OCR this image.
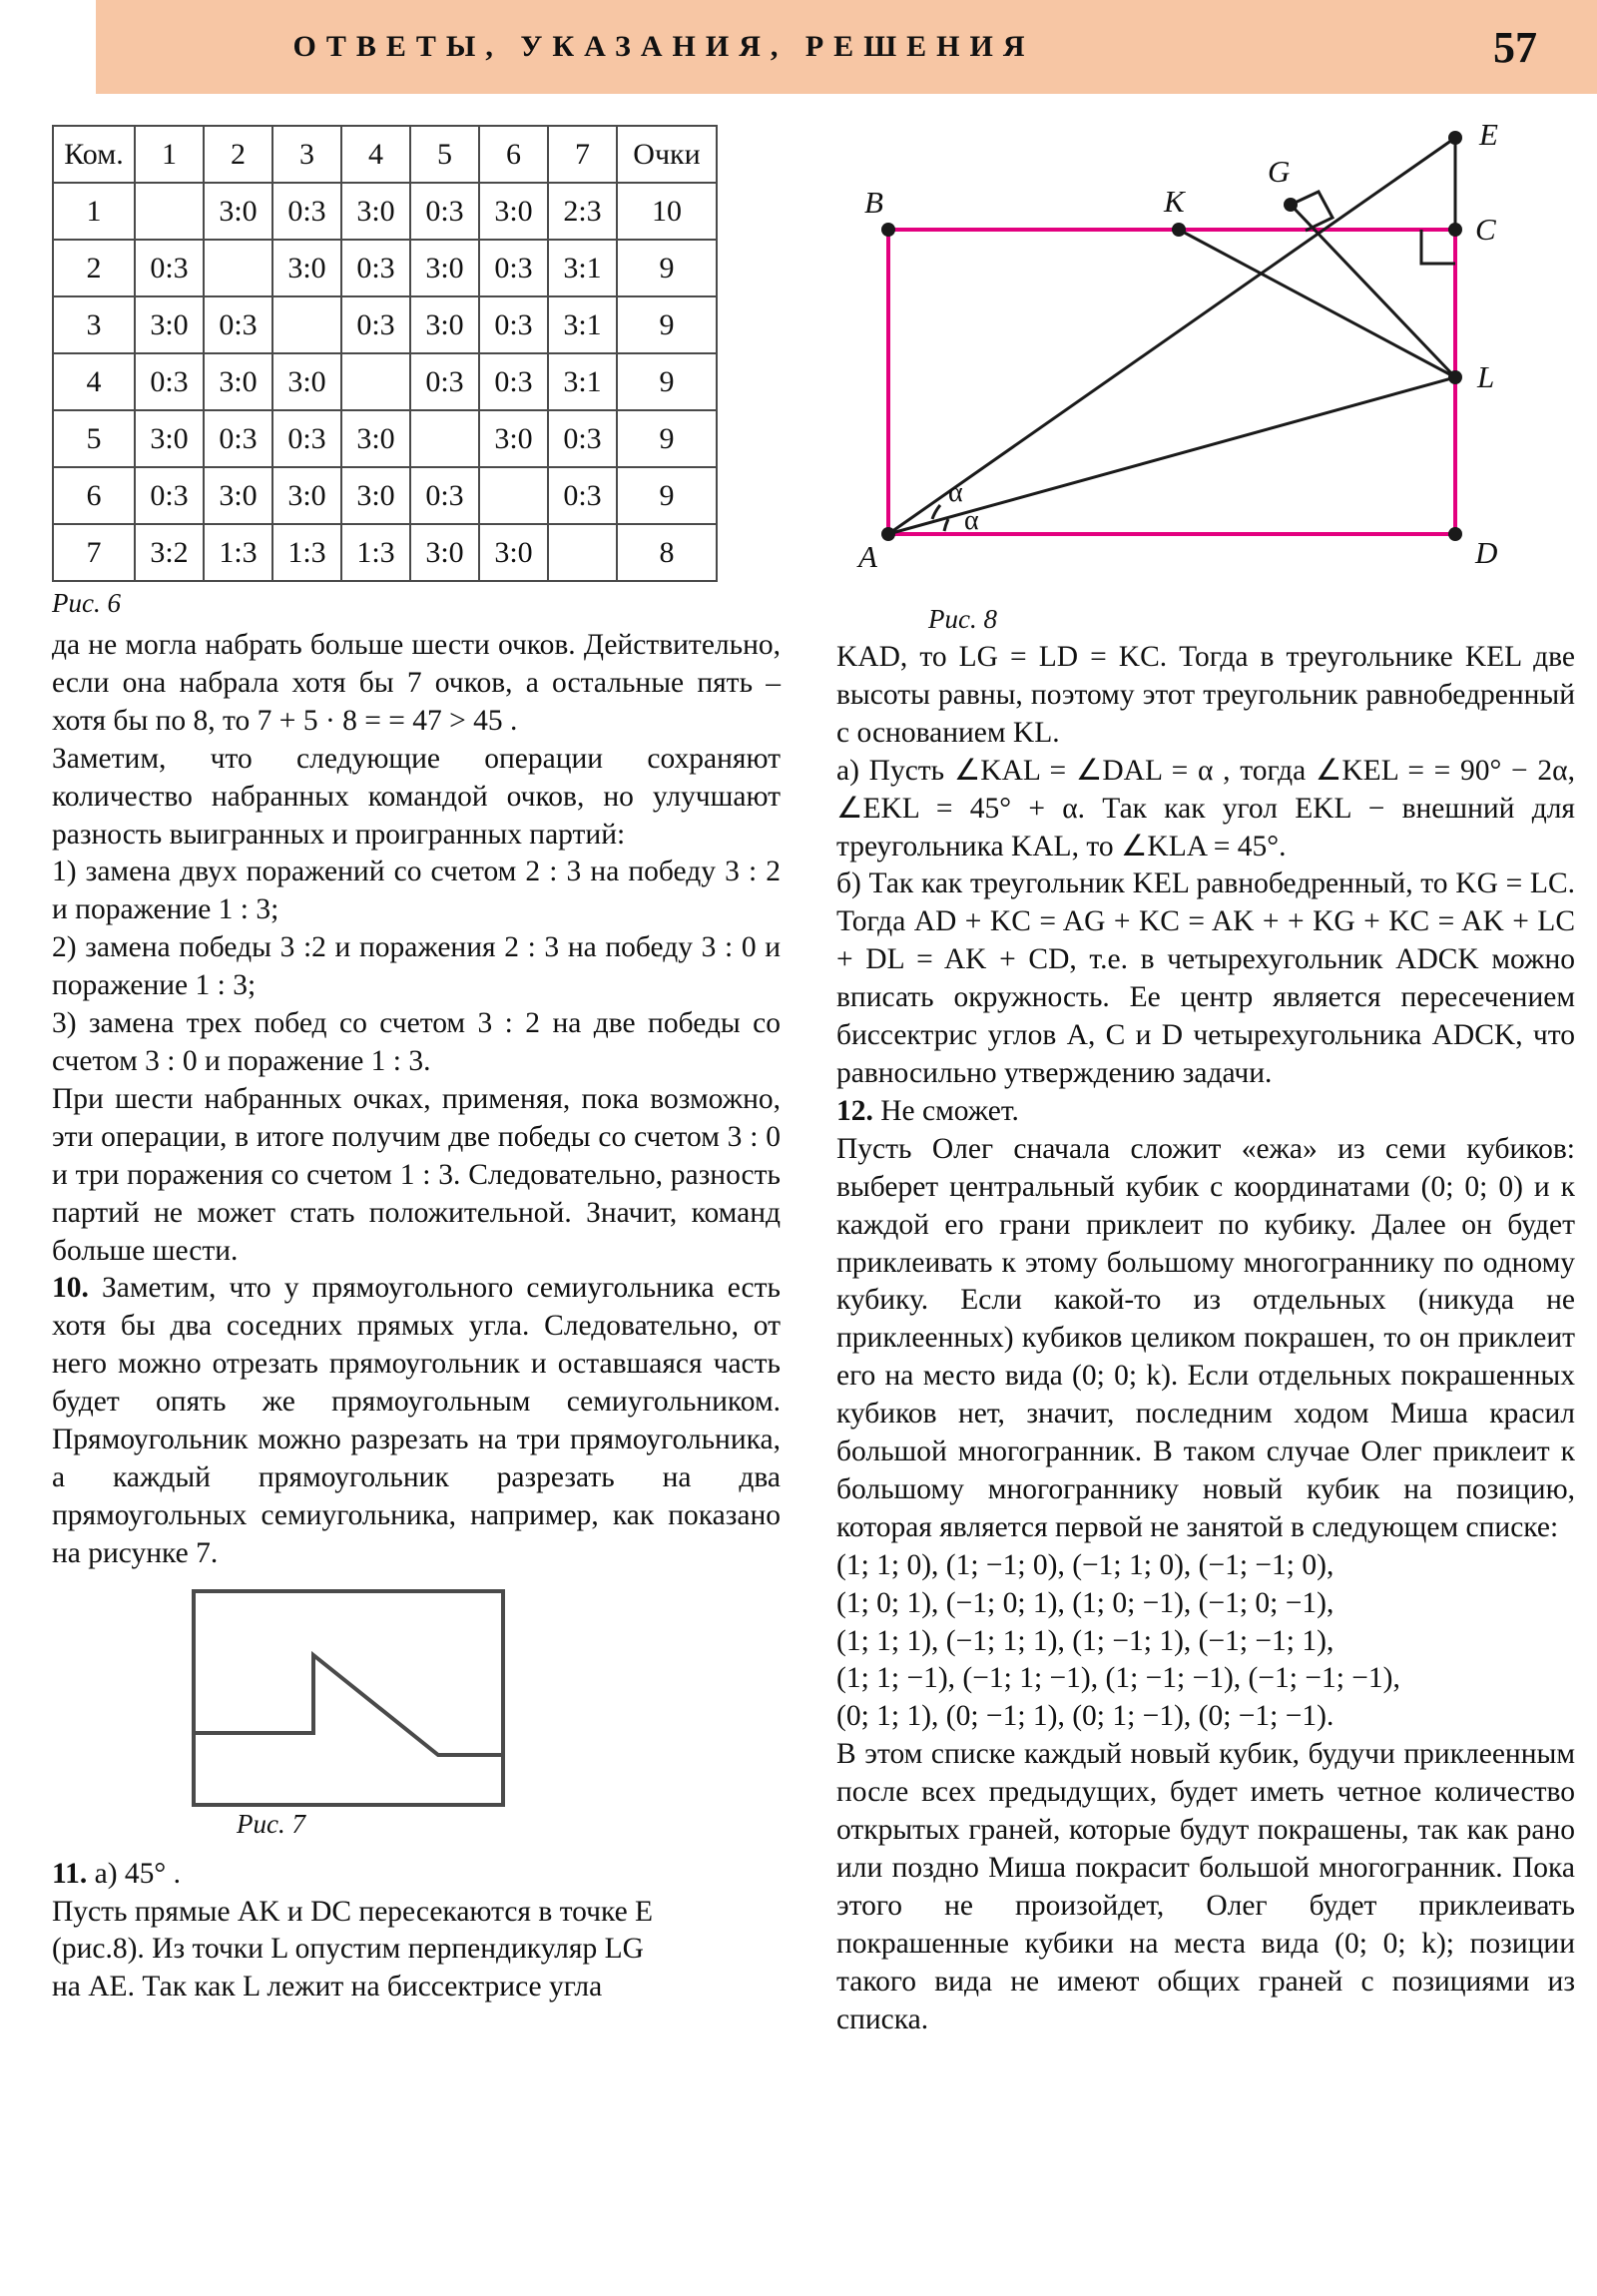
ОТВЕТЫ, УКАЗАНИЯ, РЕШЕНИЯ	57
Ком.	1	2	3	4	5	6	7	Очки
1		3:0	0:3	3:0	0:3	3:0	2:3	10
2	0:3		3:0	0:3	3:0	0:3	3:1	9
3	3:0	0:3		0:3	3:0	0:3	3:1	9
4	0:3	3:0	3:0		0:3	0:3	3:1	9
5	3:0	0:3	0:3	3:0		3:0	0:3	9
6	0:3	3:0	3:0	3:0	0:3		0:3	9
7	3:2	1:3	1:3	1:3	3:0	3:0		8
Рис. 6

да не могла набрать больше шести очков. Действительно, если она набрала хотя бы 7 очков, а остальные пять – хотя бы по 8, то 7 + 5 · 8 = = 47 > 45 .

Заметим, что следующие операции сохраняют количество набранных командой очков, но улучшают разность выигранных и проигранных партий:

1) замена двух поражений со счетом 2 : 3 на победу 3 : 2 и поражение 1 : 3;

2) замена победы 3 :2 и поражения 2 : 3 на победу 3 : 0 и поражение 1 : 3;

3) замена трех побед со счетом 3 : 2 на две победы со счетом 3 : 0 и поражение 1 : 3.

При шести набранных очках, применяя, пока возможно, эти операции, в итоге получим две победы со счетом 3 : 0 и три поражения со счетом 1 : 3. Следовательно, разность партий не может стать положительной. Значит, команд больше шести.

10. Заметим, что у прямоугольного семиугольника есть хотя бы два соседних прямых угла. Следовательно, от него можно отрезать прямоугольник и оставшаяся часть будет опять же прямоугольным семиугольником. Прямоугольник можно разрезать на три прямоугольника, а каждый прямоугольник разрезать на два прямоугольных семиугольника, например, как показано на рисунке 7.

Рис. 7

11. а) 45° .

Пусть прямые AK и DC пересекаются в точке E

(рис.8). Из точки L опустим перпендикуляр LG

на AE. Так как L лежит на биссектрисе угла

B
C
A	D
E
G
K
L
α
α
Рис. 8

KAD, то LG = LD = KC. Тогда в треугольнике KEL две высоты равны, поэтому этот треугольник равнобедренный с основанием KL.

а) Пусть ∠KAL = ∠DAL = α , тогда ∠KEL = = 90° − 2α, ∠EKL = 45° + α. Так как угол EKL − внешний для треугольника KAL, то ∠KLA = 45°.

б) Так как треугольник KEL равнобедренный, то KG = LC. Тогда AD + KC = AG + KC = AK + + KG + KC = AK + LC + DL = AK + CD, т.е. в четырехугольник ADCK можно вписать окружность. Ее центр является пересечением биссектрис углов A, C и D четырехугольника ADCK, что равносильно утверждению задачи.

12. Не сможет.

Пусть Олег сначала сложит «ежа» из семи кубиков: выберет центральный кубик с координатами (0; 0; 0) и к каждой его грани приклеит по кубику. Далее он будет приклеивать к этому большому многограннику по одному кубику. Если какой-то из отдельных (никуда не приклеенных) кубиков целиком покрашен, то он приклеит его на место вида (0; 0; k). Если отдельных покрашенных кубиков нет, значит, последним ходом Миша красил большой многогранник. В таком случае Олег приклеит к большому многограннику новый кубик на позицию, которая является первой не занятой в следующем списке:

(1; 1; 0), (1; −1; 0), (−1; 1; 0), (−1; −1; 0),

(1; 0; 1), (−1; 0; 1), (1; 0; −1), (−1; 0; −1),

(1; 1; 1), (−1; 1; 1), (1; −1; 1), (−1; −1; 1),

(1; 1; −1), (−1; 1; −1), (1; −1; −1), (−1; −1; −1),

(0; 1; 1), (0; −1; 1), (0; 1; −1), (0; −1; −1).

В этом списке каждый новый кубик, будучи приклеенным после всех предыдущих, будет иметь четное количество открытых граней, которые будут покрашены, так как рано или поздно Миша покрасит большой многогранник. Пока этого не произойдет, Олег будет приклеивать покрашенные кубики на места вида (0; 0; k); позиции такого вида не имеют общих граней с позициями из списка.
